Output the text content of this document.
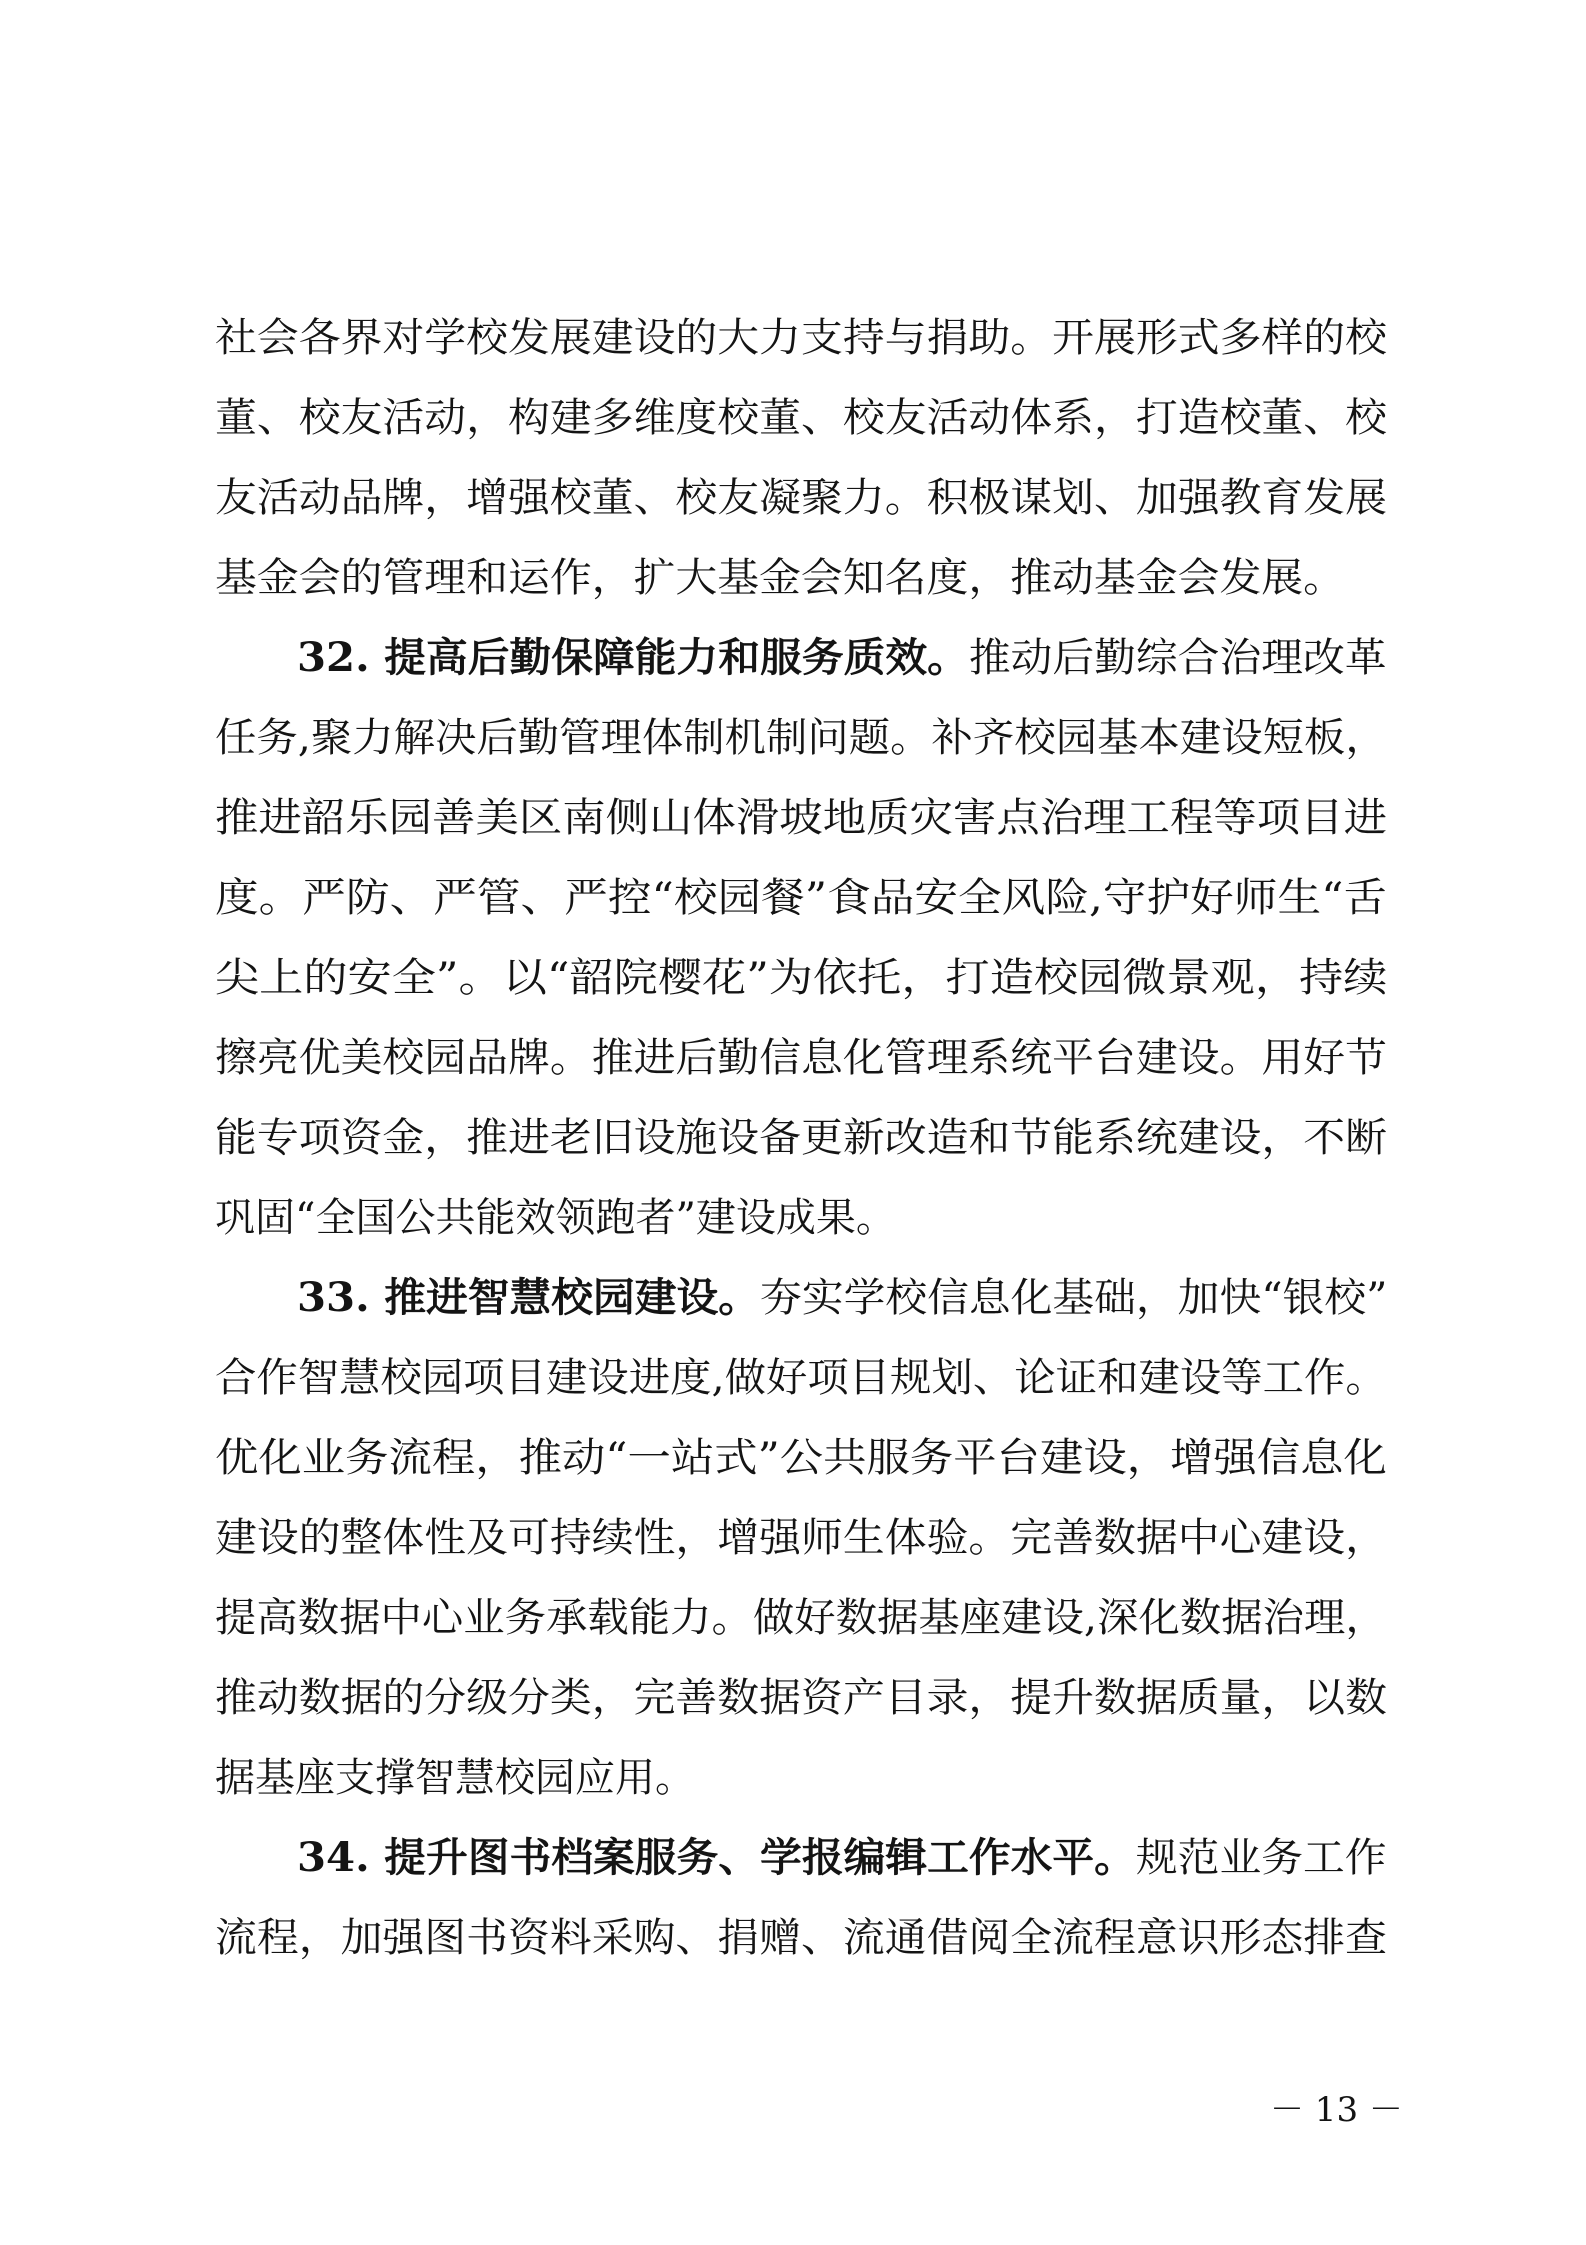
社会各界对学校发展建设的大力支持与捐助。开展形式多样的校
董、校友活动，构建多维度校董、校友活动体系，打造校董、校
友活动品牌，增强校董、校友凝聚力。积极谋划、加强教育发展
基金会的管理和运作，扩大基金会知名度，推动基金会发展。
32. 提高后勤保障能力和服务质效。推动后勤综合治理改革
任务,聚力解决后勤管理体制机制问题。补齐校园基本建设短板，
推进韶乐园善美区南侧山体滑坡地质灾害点治理工程等项目进
度。严防、严管、严控“校园餐”食品安全风险,守护好师生“舌
尖上的安全”。以“韶院樱花”为依托，打造校园微景观，持续
擦亮优美校园品牌。推进后勤信息化管理系统平台建设。用好节
能专项资金，推进老旧设施设备更新改造和节能系统建设，不断
巩固“全国公共能效领跑者”建设成果。
33. 推进智慧校园建设。夯实学校信息化基础，加快“银校”
合作智慧校园项目建设进度,做好项目规划、论证和建设等工作。
优化业务流程，推动“一站式”公共服务平台建设，增强信息化
建设的整体性及可持续性，增强师生体验。完善数据中心建设，
提高数据中心业务承载能力。做好数据基座建设,深化数据治理，
推动数据的分级分类，完善数据资产目录，提升数据质量，以数
据基座支撑智慧校园应用。
34. 提升图书档案服务、学报编辑工作水平。规范业务工作
流程，加强图书资料采购、捐赠、流通借阅全流程意识形态排查
－ 13 －
